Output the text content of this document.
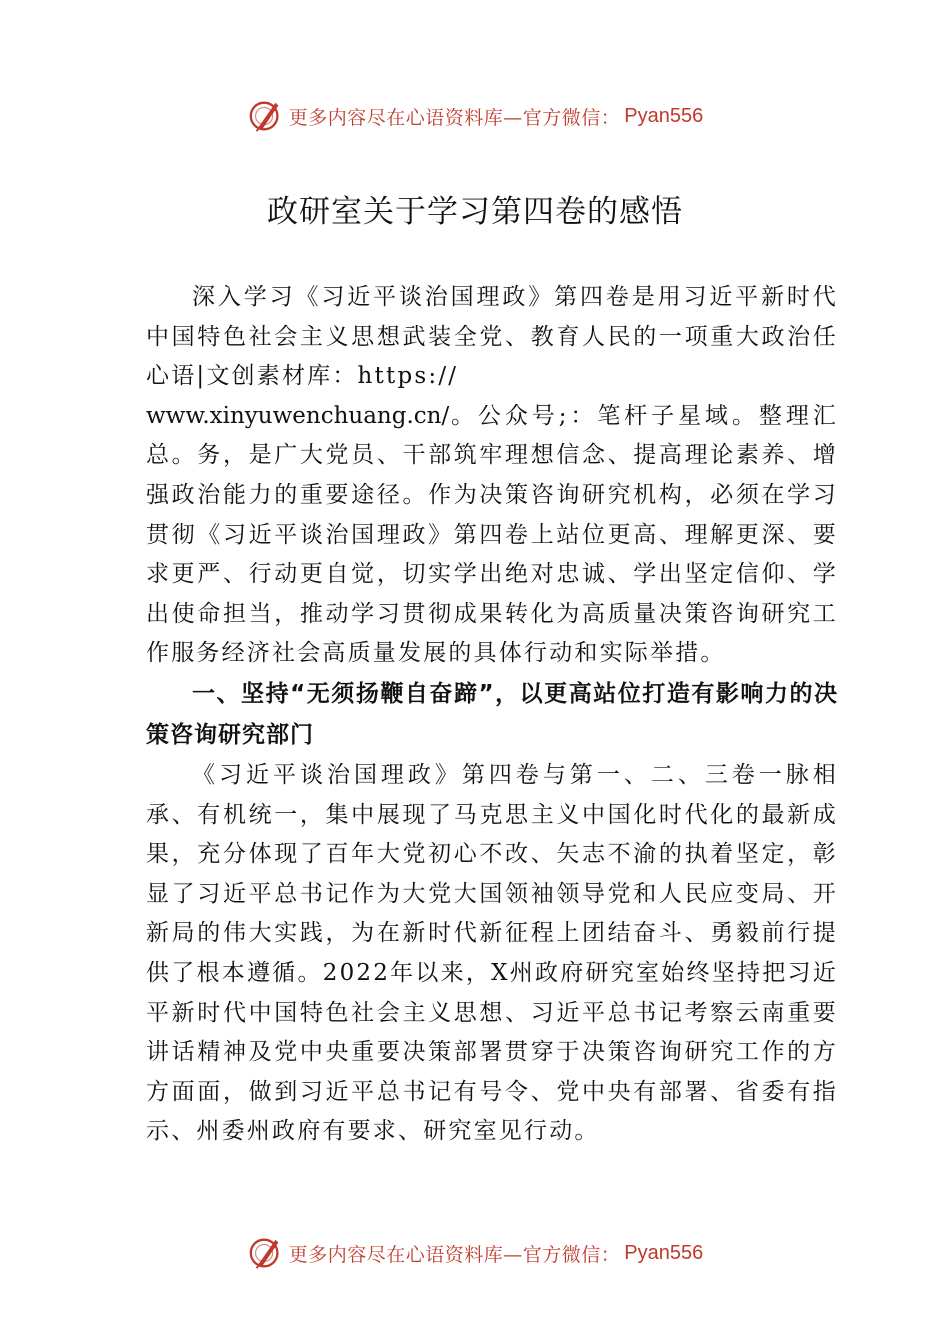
更多内容尽在心语资料库—官方微信： Pyan556
政研室关于学习第四卷的感悟

深入学习《习近平谈治国理政》第四卷是用习近平新时代中国特色社会主义思想武装全党、教育人民的一项重大政治任心语|文创素材库：https://
www.xinyuwenchuang.cn/。公众号;：笔杆子星域。整理汇总。务，是广大党员、干部筑牢理想信念、提高理论素养、增强政治能力的重要途径。作为决策咨询研究机构，必须在学习贯彻《习近平谈治国理政》第四卷上站位更高、理解更深、要求更严、行动更自觉，切实学出绝对忠诚、学出坚定信仰、学出使命担当，推动学习贯彻成果转化为高质量决策咨询研究工作服务经济社会高质量发展的具体行动和实际举措。

一、坚持“无须扬鞭自奋蹄”，以更高站位打造有影响力的决策咨询研究部门

《习近平谈治国理政》第四卷与第一、二、三卷一脉相承、有机统一，集中展现了马克思主义中国化时代化的最新成果，充分体现了百年大党初心不改、矢志不渝的执着坚定，彰显了习近平总书记作为大党大国领袖领导党和人民应变局、开新局的伟大实践，为在新时代新征程上团结奋斗、勇毅前行提供了根本遵循。2022年以来，X州政府研究室始终坚持把习近平新时代中国特色社会主义思想、习近平总书记考察云南重要讲话精神及党中央重要决策部署贯穿于决策咨询研究工作的方方面面，做到习近平总书记有号令、党中央有部署、省委有指示、州委州政府有要求、研究室见行动。

更多内容尽在心语资料库—官方微信： Pyan556
